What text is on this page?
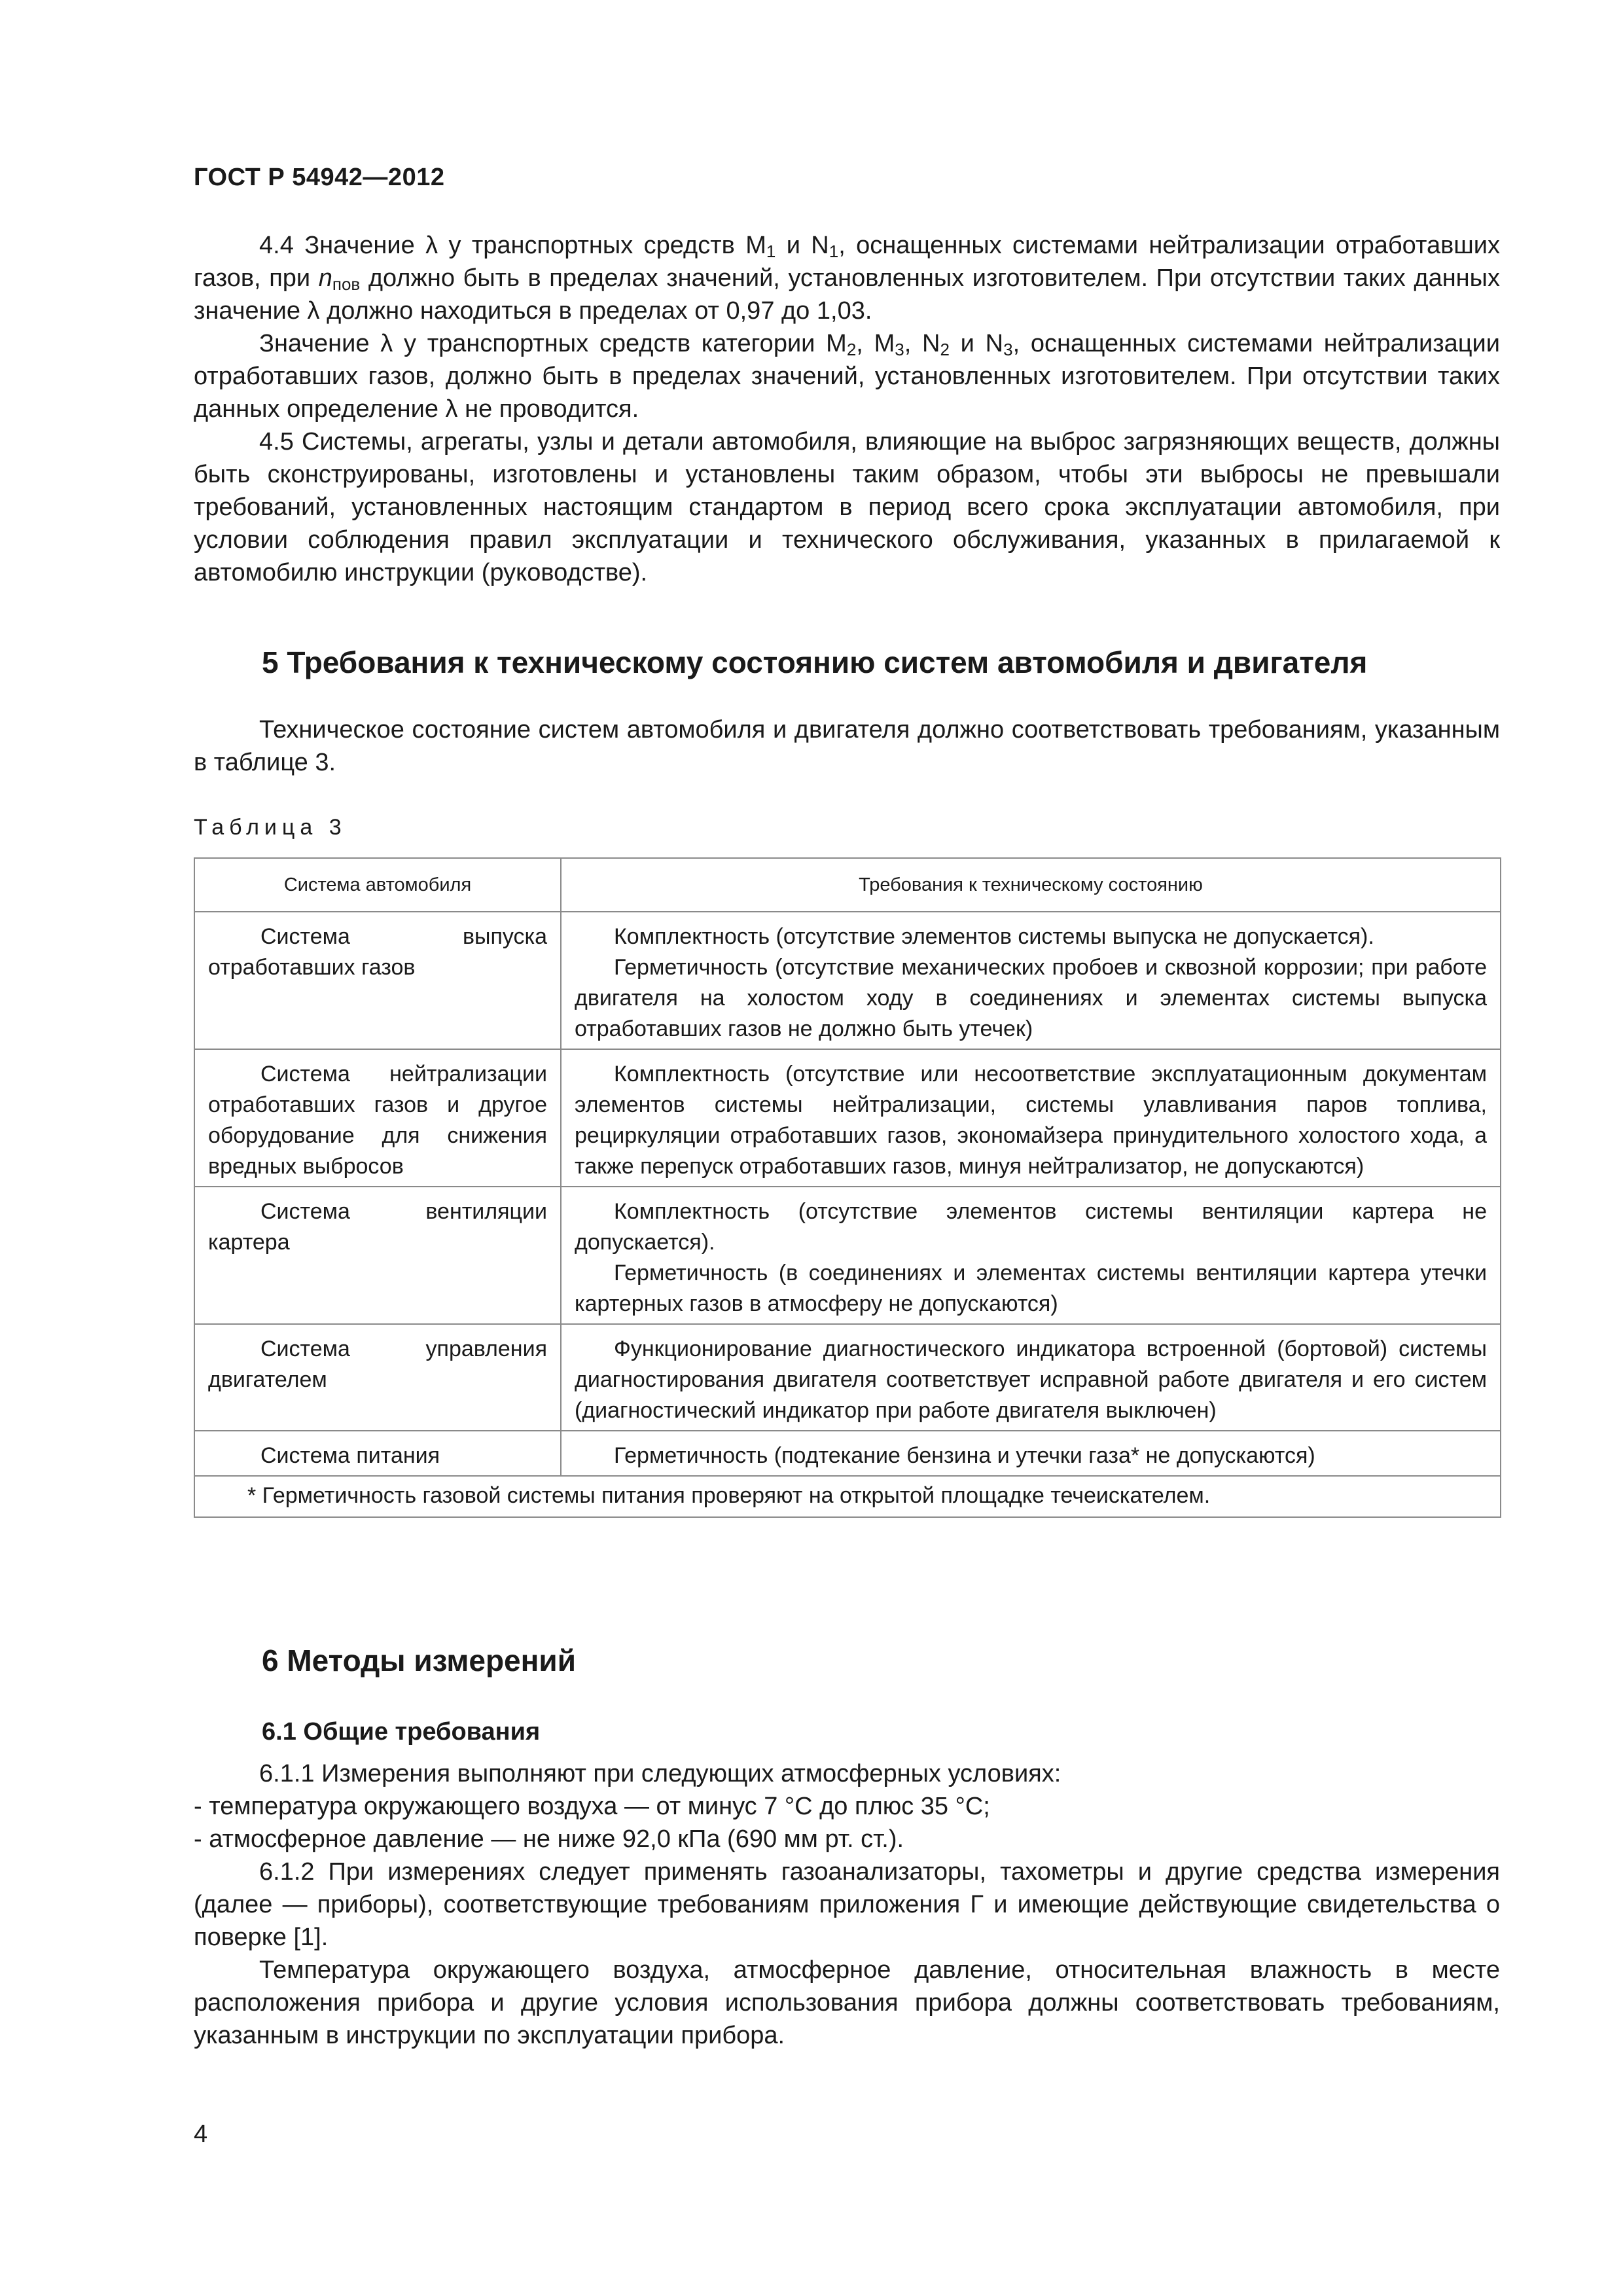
ГОСТ Р 54942—2012

4.4 Значение λ у транспортных средств $M_1$ и $N_1$, оснащенных системами нейтрализации отработавших газов, при $n_{пов}$ должно быть в пределах значений, установленных изготовителем. При отсутствии таких данных значение λ должно находиться в пределах от 0,97 до 1,03.

Значение λ у транспортных средств категории $M_2$, $M_3$, $N_2$ и $N_3$, оснащенных системами нейтрализации отработавших газов, должно быть в пределах значений, установленных изготовителем. При отсутствии таких данных определение λ не проводится.

4.5 Системы, агрегаты, узлы и детали автомобиля, влияющие на выброс загрязняющих веществ, должны быть сконструированы, изготовлены и установлены таким образом, чтобы эти выбросы не превышали требований, установленных настоящим стандартом в период всего срока эксплуатации автомобиля, при условии соблюдения правил эксплуатации и технического обслуживания, указанных в прилагаемой к автомобилю инструкции (руководстве).

5 Требования к техническому состоянию систем автомобиля и двигателя

Техническое состояние систем автомобиля и двигателя должно соответствовать требованиям, указанным в таблице 3.

Таблица 3
Система автомобиля	Требования к техническому состоянию

Система выпуска отработавших газов	Комплектность (отсутствие элементов системы выпуска не допускается).
Герметичность (отсутствие механических пробоев и сквозной коррозии; при работе двигателя на холостом ходу в соединениях и элементах системы выпуска отработавших газов не должно быть утечек)

Система нейтрализации отработавших газов и другое оборудование для снижения вредных выбросов	Комплектность (отсутствие или несоответствие эксплуатационным документам элементов системы нейтрализации, системы улавливания паров топлива, рециркуляции отработавших газов, экономайзера принудительного холостого хода, а также перепуск отработавших газов, минуя нейтрализатор, не допускаются)

Система вентиляции картера	Комплектность (отсутствие элементов системы вентиляции картера не допускается).
Герметичность (в соединениях и элементах системы вентиляции картера утечки картерных газов в атмосферу не допускаются)

Система управления двигателем	Функционирование диагностического индикатора встроенной (бортовой) системы диагностирования двигателя соответствует исправной работе двигателя и его систем (диагностический индикатор при работе двигателя выключен)

Система питания	Герметичность (подтекание бензина и утечки газа* не допускаются)

* Герметичность газовой системы питания проверяют на открытой площадке течеискателем.	
6 Методы измерений
6.1 Общие требования

6.1.1 Измерения выполняют при следующих атмосферных условиях:

- температура окружающего воздуха — от минус 7 °С до плюс 35 °С;

- атмосферное давление — не ниже 92,0 кПа (690 мм рт. ст.).

6.1.2 При измерениях следует применять газоанализаторы, тахометры и другие средства измерения (далее — приборы), соответствующие требованиям приложения Г и имеющие действующие свидетельства о поверке [1].

Температура окружающего воздуха, атмосферное давление, относительная влажность в месте расположения прибора и другие условия использования прибора должны соответствовать требованиям, указанным в инструкции по эксплуатации прибора.

4
